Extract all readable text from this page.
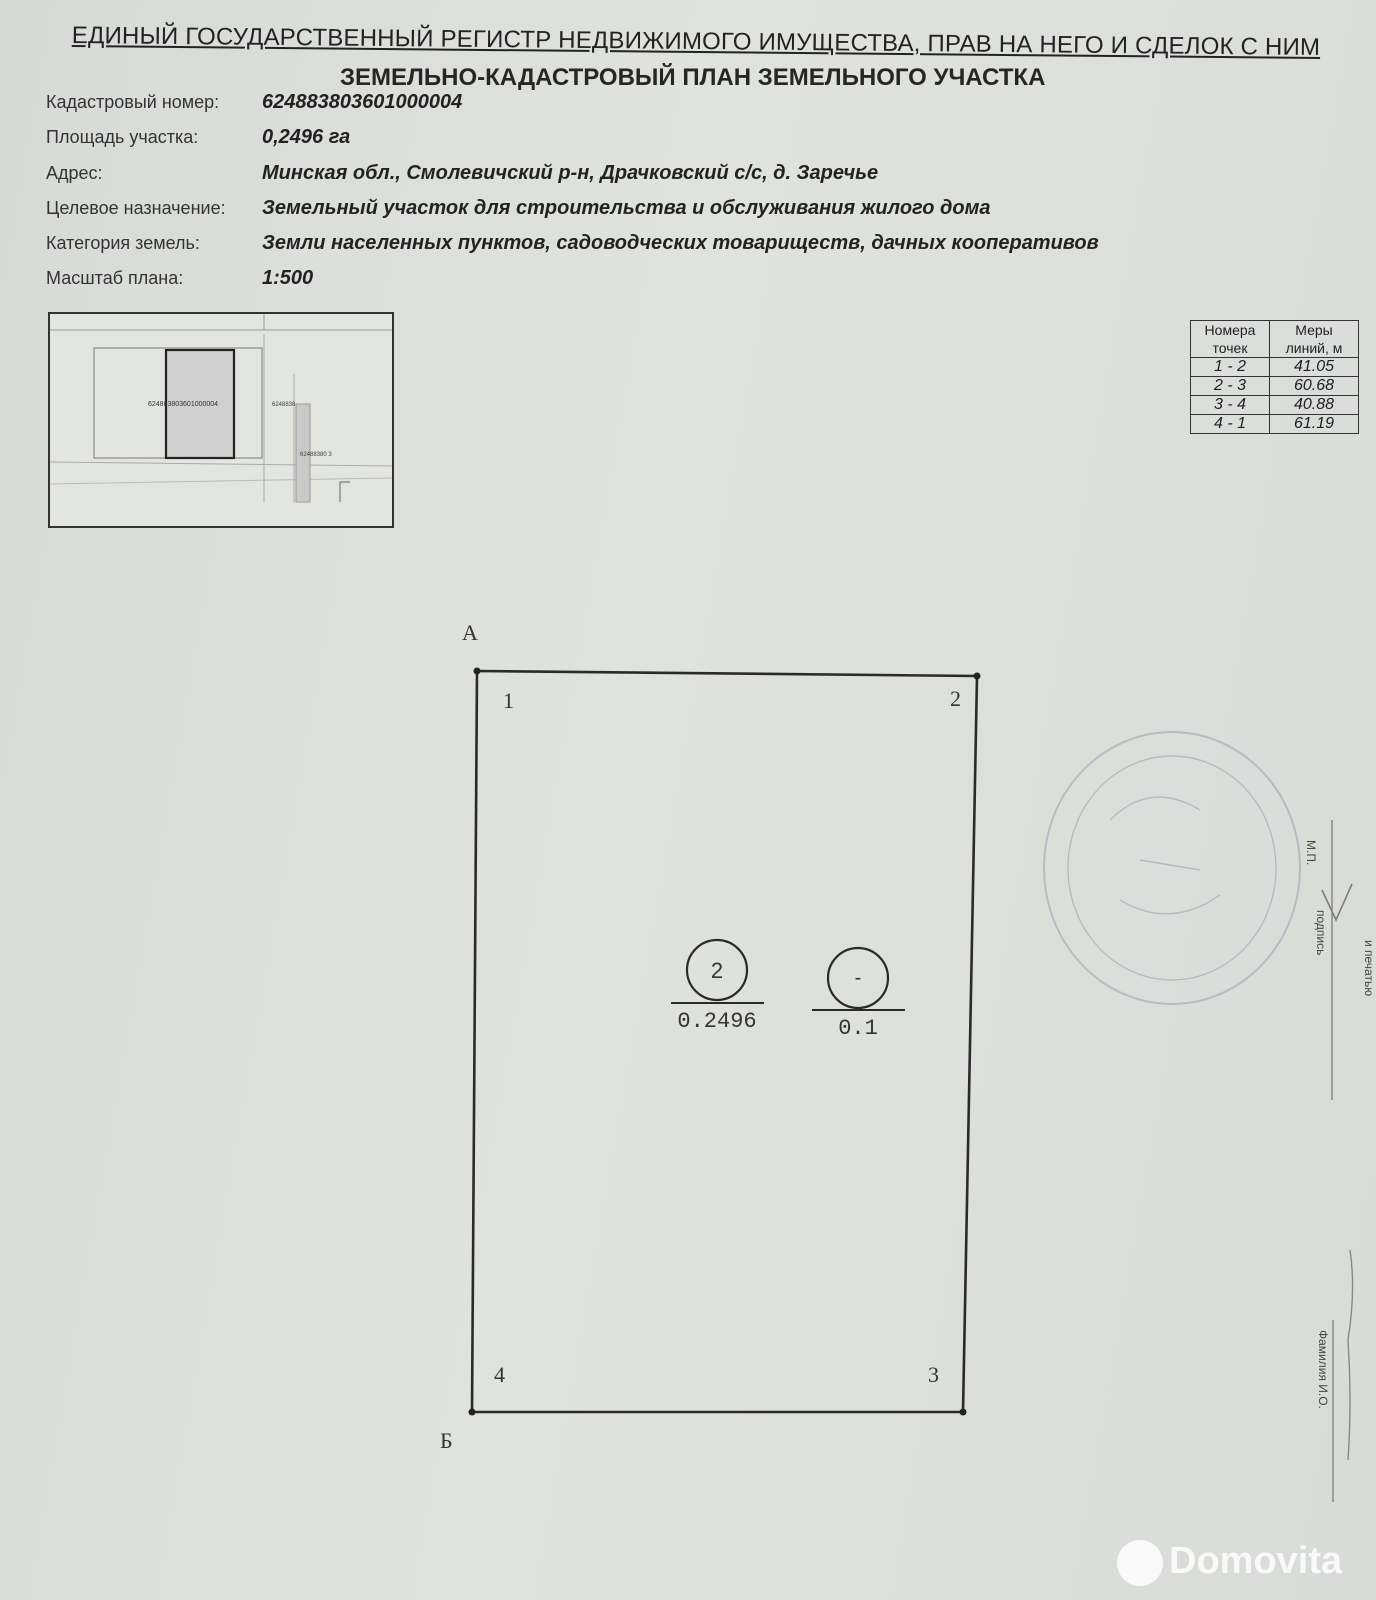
ЕДИНЫЙ ГОСУДАРСТВЕННЫЙ РЕГИСТР НЕДВИЖИМОГО ИМУЩЕСТВА, ПРАВ НА НЕГО И СДЕЛОК С НИМ
ЗЕМЕЛЬНО-КАДАСТРОВЫЙ ПЛАН ЗЕМЕЛЬНОГО УЧАСТКА
Кадастровый номер: 624883803601000004
Площадь участка:	0,2496 га
Адрес:	Минская обл., Смолевичский р-н, Драчковский с/с, д. Заречье
Целевое назначение: Земельный участок для строительства и обслуживания жилого дома
Категория земель:	Земли населенных пунктов, садоводческих товариществ, дачных кооперативов
Масштаб плана:	1:500
624883803601000004	6248838
62488380 3
Номера точек	Меры линий, м
1 - 2	41.05
2 - 3	60.68
3 - 4	40.88
4 - 1	61.19
А
Б
1	2
3
4
2
0.2496
-
0.1
М.П.
подпись
и печатью
Фамилия И.О.
Domovita
